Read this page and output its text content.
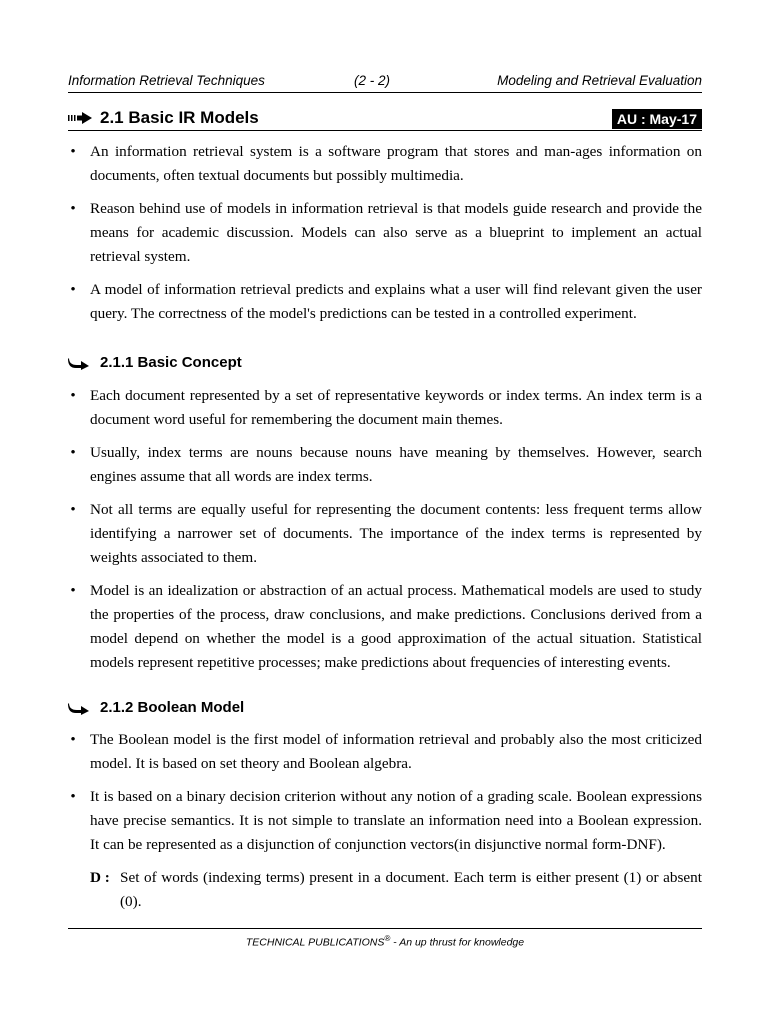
Information Retrieval Techniques	(2 - 2)	Modeling and Retrieval Evaluation
2.1 Basic IR Models	AU : May-17
• An information retrieval system is a software program that stores and man-ages information on documents, often textual documents but possibly multimedia.
• Reason behind use of models in information retrieval is that models guide research and provide the means for academic discussion. Models can also serve as a blueprint to implement an actual retrieval system.
• A model of information retrieval predicts and explains what a user will find relevant given the user query. The correctness of the model's predictions can be tested in a controlled experiment.
2.1.1 Basic Concept
• Each document represented by a set of representative keywords or index terms. An index term is a document word useful for remembering the document main themes.
• Usually, index terms are nouns because nouns have meaning by themselves. However, search engines assume that all words are index terms.
• Not all terms are equally useful for representing the document contents: less frequent terms allow identifying a narrower set of documents. The importance of the index terms is represented by weights associated to them.
• Model is an idealization or abstraction of an actual process. Mathematical models are used to study the properties of the process, draw conclusions, and make predictions. Conclusions derived from a model depend on whether the model is a good approximation of the actual situation. Statistical models represent repetitive processes; make predictions about frequencies of interesting events.
2.1.2 Boolean Model
• The Boolean model is the first model of information retrieval and probably also the most criticized model. It is based on set theory and Boolean algebra.
• It is based on a binary decision criterion without any notion of a grading scale. Boolean expressions have precise semantics. It is not simple to translate an information need into a Boolean expression. It can be represented as a disjunction of conjunction vectors(in disjunctive normal form-DNF).
D : Set of words (indexing terms) present in a document. Each term is either present (1) or absent (0).
TECHNICAL PUBLICATIONS® - An up thrust for knowledge
